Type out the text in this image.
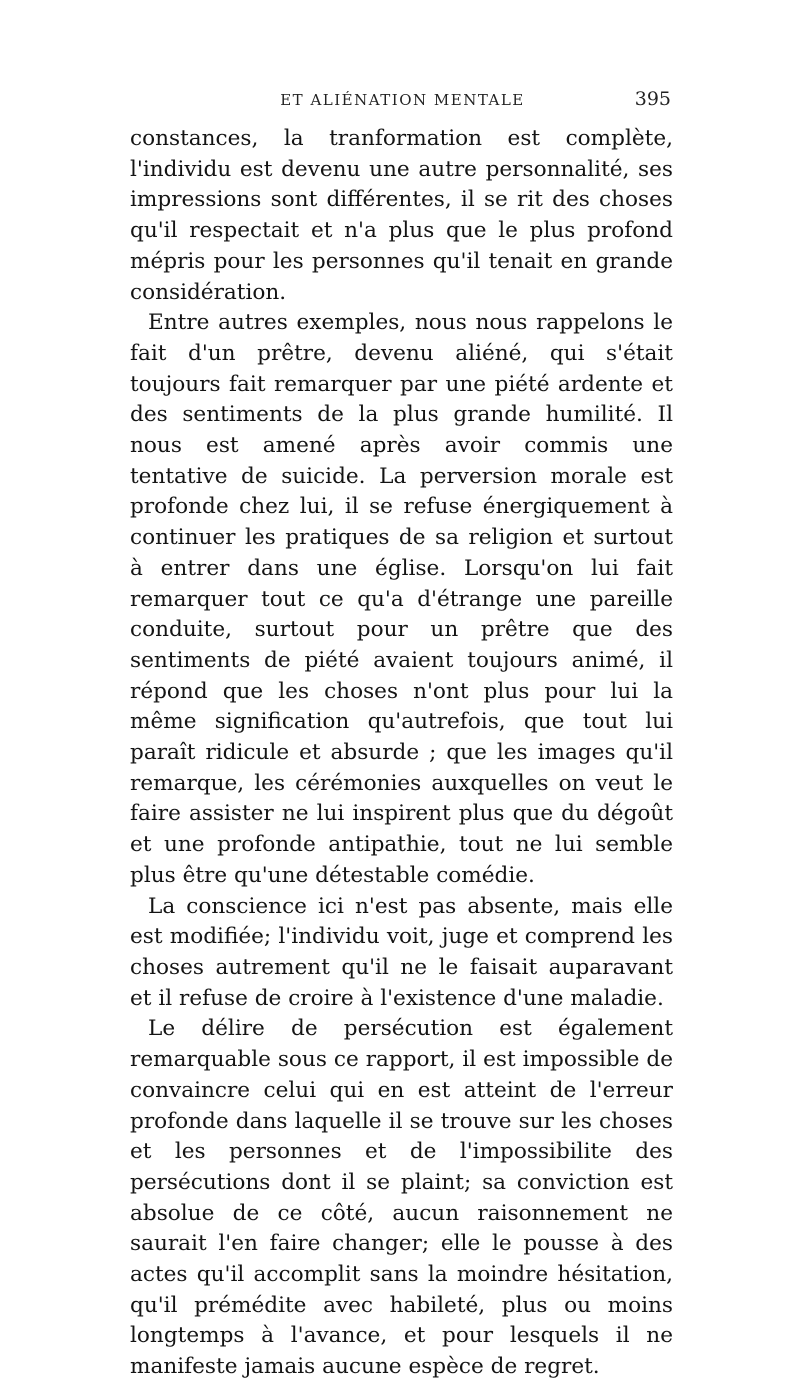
ET ALIÉNATION MENTALE	395

constances, la tranformation est complète, l'individu est devenu une autre personnalité, ses impressions sont différentes, il se rit des choses qu'il respectait et n'a plus que le plus profond mépris pour les personnes qu'il tenait en grande considération.

Entre autres exemples, nous nous rappelons le fait d'un prêtre, devenu aliéné, qui s'était toujours fait remarquer par une piété ardente et des sentiments de la plus grande humilité. Il nous est amené après avoir commis une tentative de suicide. La perversion morale est profonde chez lui, il se refuse énergiquement à continuer les pratiques de sa religion et surtout à entrer dans une église. Lorsqu'on lui fait remarquer tout ce qu'a d'étrange une pareille conduite, surtout pour un prêtre que des sentiments de piété avaient toujours animé, il répond que les choses n'ont plus pour lui la même signification qu'autrefois, que tout lui paraît ridicule et absurde ; que les images qu'il remarque, les cérémonies auxquelles on veut le faire assister ne lui inspirent plus que du dégoût et une profonde antipathie, tout ne lui semble plus être qu'une détestable comédie.

La conscience ici n'est pas absente, mais elle est modifiée; l'individu voit, juge et comprend les choses autrement qu'il ne le faisait auparavant et il refuse de croire à l'existence d'une maladie.

Le délire de persécution est également remarquable sous ce rapport, il est impossible de convaincre celui qui en est atteint de l'erreur profonde dans laquelle il se trouve sur les choses et les personnes et de l'impossibilite des persécutions dont il se plaint; sa conviction est absolue de ce côté, aucun raisonnement ne saurait l'en faire changer; elle le pousse à des actes qu'il accomplit sans la moindre hésitation, qu'il prémédite avec habileté, plus ou moins longtemps à l'avance, et pour lesquels il ne manifeste jamais aucune espèce de regret.
